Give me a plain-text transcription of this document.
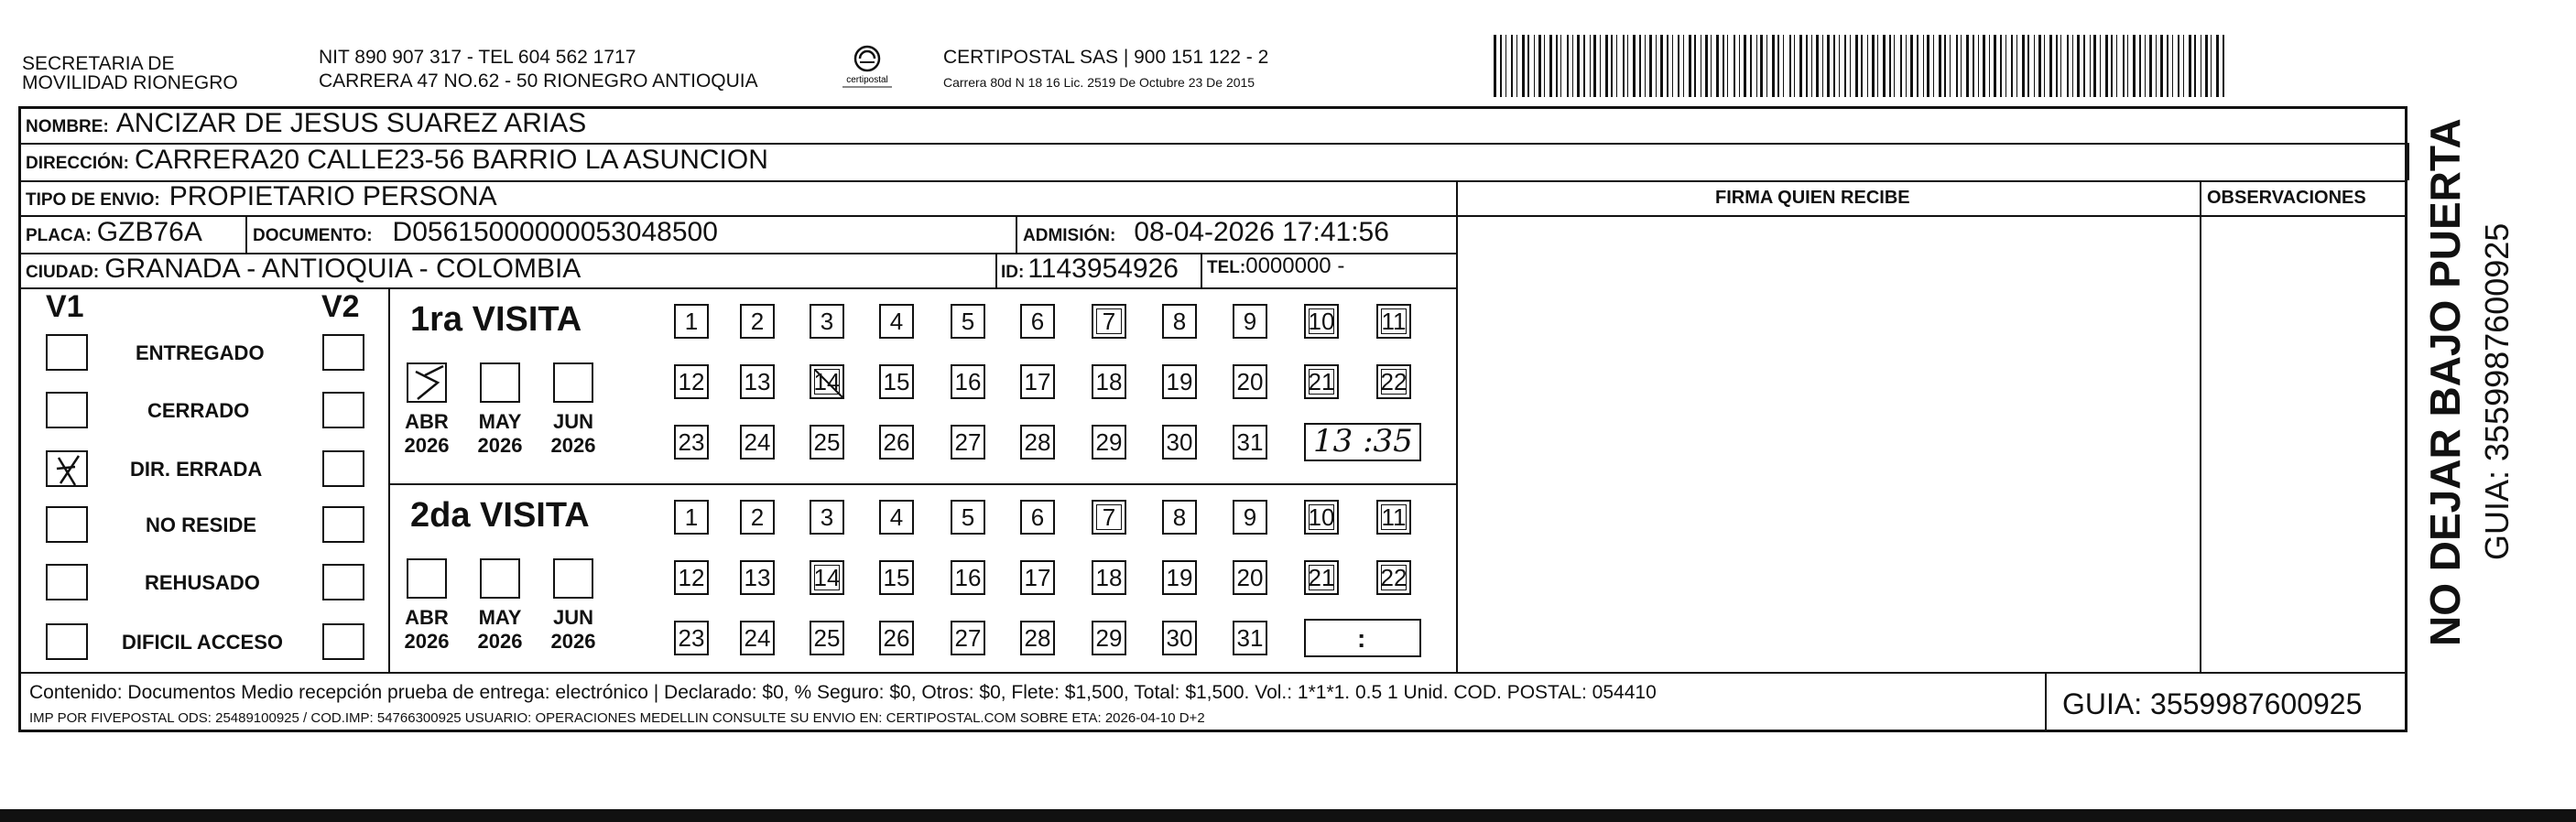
SECRETARIA DE
MOVILIDAD RIONEGRO
NIT 890 907 317 - TEL 604 562 1717
CARRERA 47 NO.62 - 50 RIONEGRO ANTIOQUIA	certipostal
CERTIPOSTAL SAS | 900 151 122 - 2
Carrera 80d N 18 16 Lic. 2519 De Octubre 23 De 2015
NOMBRE: ANCIZAR DE JESUS SUAREZ ARIAS
DIRECCIÓN: CARRERA20 CALLE23-56 BARRIO LA ASUNCION
TIPO DE ENVIO: PROPIETARIO PERSONA	FIRMA QUIEN RECIBE	OBSERVACIONES
PLACA: GZB76A	DOCUMENTO: D05615000000053048500	ADMISIÓN: 08-04-2026 17:41:56
CIUDAD: GRANADA - ANTIOQUIA - COLOMBIA	ID: 1143954926 TEL: 0000000 -
V1	V2
ENTREGADO
CERRADO
DIR. ERRADA
NO RESIDE
REHUSADO
DIFICIL ACCESO
1ra VISITA
ABR
2026
MAY
2026
JUN
2026
1	2	3	4	5	6	7	8	9	10 11
12 13 14 15 16 17 18 19 20 21 22
23 24 25 26 27 28 29 30 31 13 :35
2da VISITA
ABR
2026
MAY
2026
JUN
2026
1	2	3	4	5	6	7	8	9	10 11
12 13 14 15 16 17 18 19 20 21 22
23 24 25 26 27 28 29 30 31	:
Contenido: Documentos Medio recepción prueba de entrega: electrónico | Declarado: $0, % Seguro: $0, Otros: $0, Flete: $1,500, Total: $1,500. Vol.: 1*1*1. 0.5 1 Unid. COD. POSTAL: 054410
IMP POR FIVEPOSTAL ODS: 25489100925 / COD.IMP: 54766300925 USUARIO: OPERACIONES MEDELLIN CONSULTE SU ENVIO EN: CERTIPOSTAL.COM SOBRE ETA: 2026-04-10 D+2	GUIA: 3559987600925
NO DEJAR BAJO PUERTA GUIA: 3559987600925
